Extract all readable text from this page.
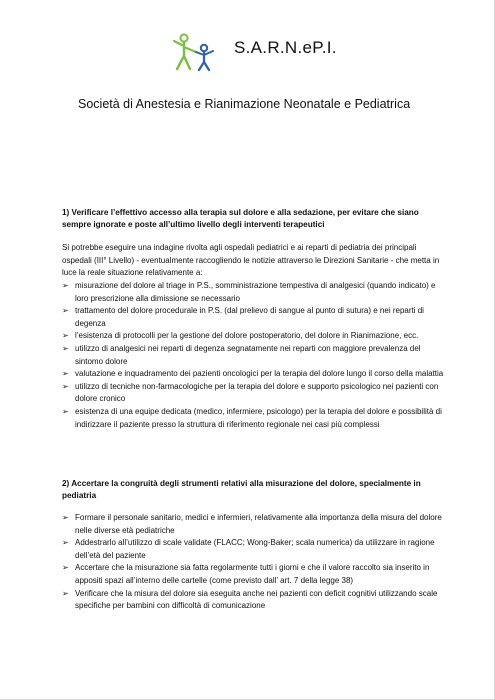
S.A.R.N.eP.I.
Società di Anestesia e Rianimazione Neonatale e Pediatrica
1) Verificare l’effettivo accesso alla terapia sul dolore e alla sedazione, per evitare che siano sempre ignorate e poste all’ultimo livello degli interventi terapeutici
Si potrebbe eseguire una indagine rivolta agli ospedali pediatrici e ai reparti di pediatria dei principali ospedali (III° Livello) - eventualmente raccogliendo le notizie attraverso le Direzioni Sanitarie - che metta in luce la reale situazione relativamente a:
➢ misurazione del dolore al triage in P.S., somministrazione tempestiva di analgesici (quando indicato) e loro prescrizione alla dimissione se necessario
➢ trattamento del dolore procedurale in P.S. (dal prelievo di sangue al punto di sutura) e nei reparti di degenza
➢ l’esistenza di protocolli per la gestione del dolore postoperatorio, del dolore in Rianimazione, ecc.
➢ utilizzo di analgesici nei reparti di degenza segnatamente nei reparti con maggiore prevalenza del sintomo dolore
➢ valutazione e inquadramento dei pazienti oncologici per la terapia del dolore lungo il corso della malattia
➢ utilizzo di tecniche non-farmacologiche per la terapia del dolore e supporto psicologico nei pazienti con dolore cronico
➢ esistenza di una equipe dedicata (medico, infermiere, psicologo) per la terapia del dolore e possibilità di indirizzare il paziente presso la struttura di riferimento regionale nei casi più complessi
2) Accertare la congruità degli strumenti relativi alla misurazione del dolore, specialmente in pediatria
➢ Formare il personale sanitario, medici e infermieri, relativamente alla importanza della misura del dolore nelle diverse età pediatriche
➢ Addestrarlo all’utilizzo di scale validate (FLACC; Wong-Baker; scala numerica) da utilizzare in ragione dell’età del paziente
➢ Accertare che la misurazione sia fatta regolarmente tutti i giorni e che il valore raccolto sia inserito in appositi spazi all’interno delle cartelle (come previsto dall’ art. 7 della legge 38)
➢ Verificare che la misura del dolore sia eseguita anche nei pazienti con deficit cognitivi utilizzando scale specifiche per bambini con difficoltà di comunicazione
